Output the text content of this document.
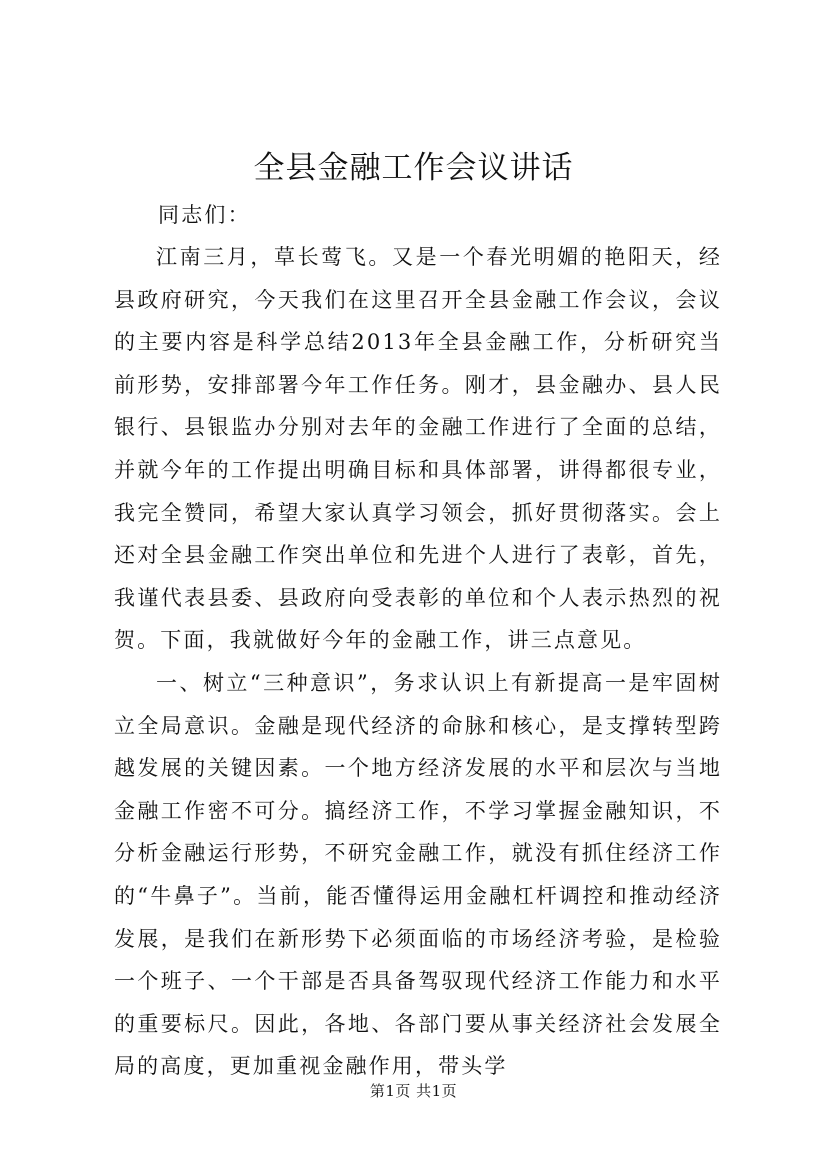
全县金融工作会议讲话

同志们：

江南三月，草长莺飞。又是一个春光明媚的艳阳天，经县政府研究，今天我们在这里召开全县金融工作会议，会议的主要内容是科学总结2013年全县金融工作，分析研究当前形势，安排部署今年工作任务。刚才，县金融办、县人民银行、县银监办分别对去年的金融工作进行了全面的总结，并就今年的工作提出明确目标和具体部署，讲得都很专业，我完全赞同，希望大家认真学习领会，抓好贯彻落实。会上还对全县金融工作突出单位和先进个人进行了表彰，首先，我谨代表县委、县政府向受表彰的单位和个人表示热烈的祝贺。下面，我就做好今年的金融工作，讲三点意见。

一、树立“三种意识”，务求认识上有新提高一是牢固树立全局意识。金融是现代经济的命脉和核心，是支撑转型跨越发展的关键因素。一个地方经济发展的水平和层次与当地金融工作密不可分。搞经济工作，不学习掌握金融知识，不分析金融运行形势，不研究金融工作，就没有抓住经济工作的“牛鼻子”。当前，能否懂得运用金融杠杆调控和推动经济发展，是我们在新形势下必须面临的市场经济考验，是检验一个班子、一个干部是否具备驾驭现代经济工作能力和水平的重要标尺。因此，各地、各部门要从事关经济社会发展全局的高度，更加重视金融作用，带头学

第1页 共1页
